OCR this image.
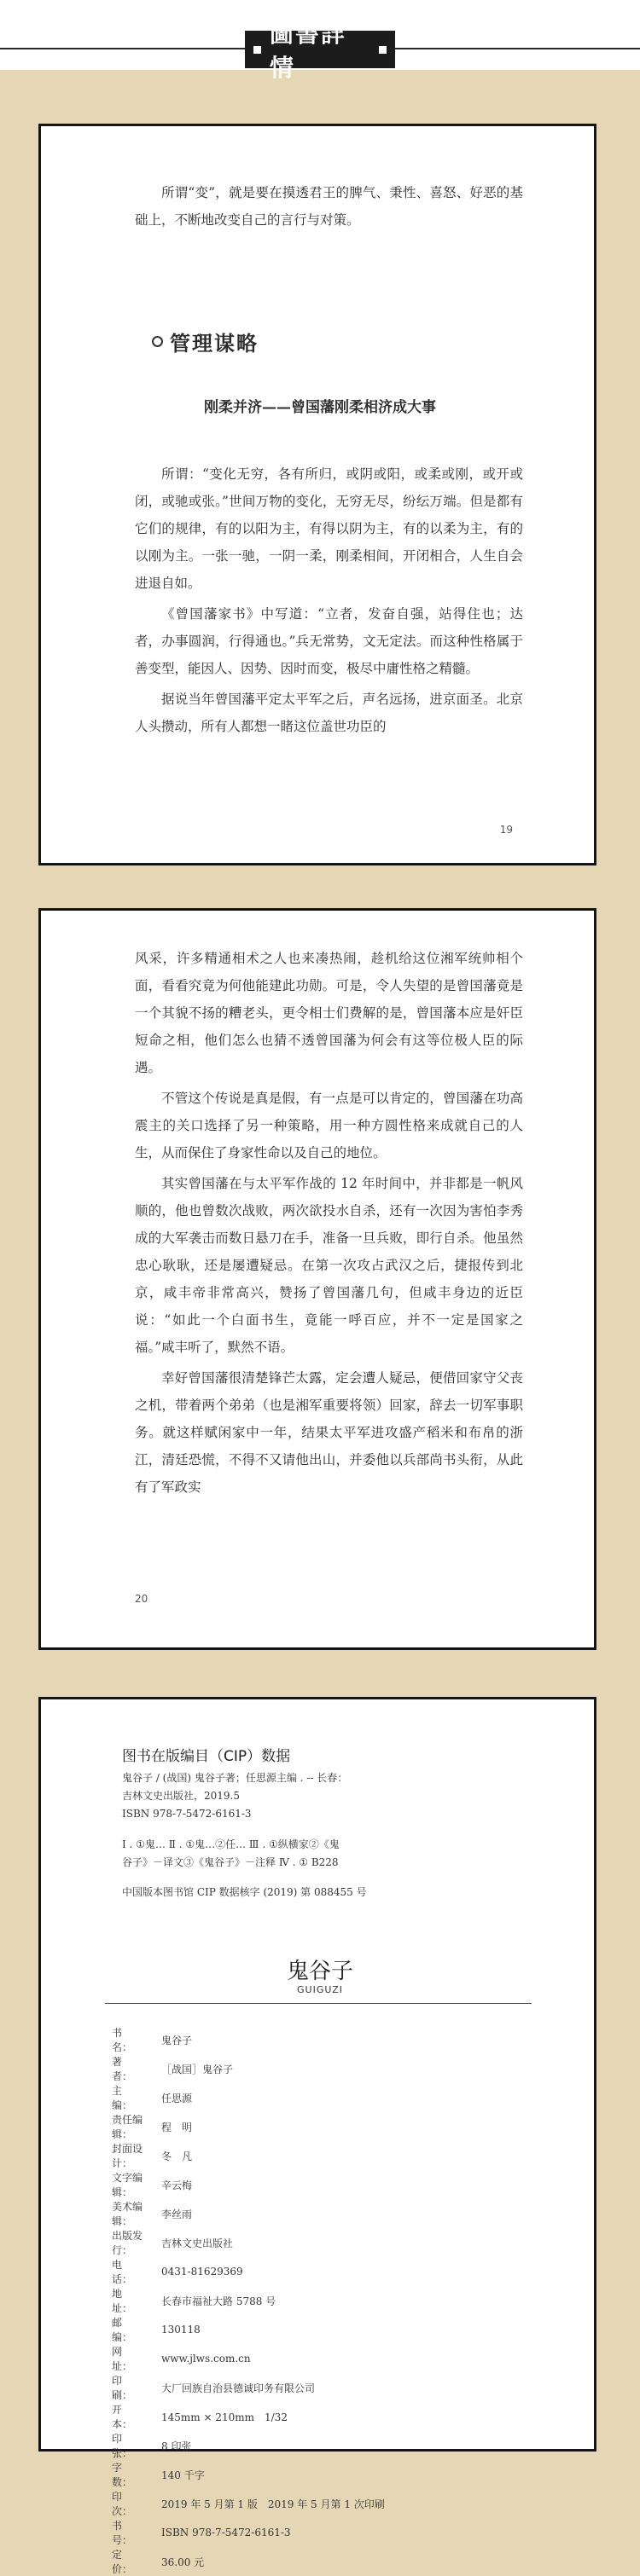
圖書詳情

所谓“变”，就是要在摸透君王的脾气、秉性、喜怒、好恶的基础上，不断地改变自己的言行与对策。

管理谋略
刚柔并济——曾国藩刚柔相济成大事

所谓：“变化无穷，各有所归，或阴或阳，或柔或刚，或开或闭，或驰或张。”世间万物的变化，无穷无尽，纷纭万端。但是都有它们的规律，有的以阳为主，有得以阴为主，有的以柔为主，有的以刚为主。一张一驰，一阴一柔，刚柔相间，开闭相合，人生自会进退自如。

《曾国藩家书》中写道：“立者，发奋自强，站得住也；达者，办事圆润，行得通也。”兵无常势，文无定法。而这种性格属于善变型，能因人、因势、因时而变，极尽中庸性格之精髓。

据说当年曾国藩平定太平军之后，声名远扬，进京面圣。北京人头攒动，所有人都想一睹这位盖世功臣的

19

风采，许多精通相术之人也来凑热闹，趁机给这位湘军统帅相个面，看看究竟为何他能建此功勋。可是，令人失望的是曾国藩竟是一个其貌不扬的糟老头，更令相士们费解的是，曾国藩本应是奸臣短命之相，他们怎么也猜不透曾国藩为何会有这等位极人臣的际遇。

不管这个传说是真是假，有一点是可以肯定的，曾国藩在功高震主的关口选择了另一种策略，用一种方圆性格来成就自己的人生，从而保住了身家性命以及自己的地位。

其实曾国藩在与太平军作战的 12 年时间中，并非都是一帆风顺的，他也曾数次战败，两次欲投水自杀，还有一次因为害怕李秀成的大军袭击而数日悬刀在手，准备一旦兵败，即行自杀。他虽然忠心耿耿，还是屡遭疑忌。在第一次攻占武汉之后，捷报传到北京，咸丰帝非常高兴，赞扬了曾国藩几句，但咸丰身边的近臣说：“如此一个白面书生，竟能一呼百应，并不一定是国家之福。”咸丰听了，默然不语。

幸好曾国藩很清楚锋芒太露，定会遭人疑忌，便借回家守父丧之机，带着两个弟弟（也是湘军重要将领）回家，辞去一切军事职务。就这样赋闲家中一年，结果太平军进攻盛产稻米和布帛的浙江，清廷恐慌，不得不又请他出山，并委他以兵部尚书头衔，从此有了军政实

20
图书在版编目（CIP）数据
鬼谷子 / (战国) 鬼谷子著；任思源主编 . -- 长春：
吉林文史出版社，2019.5
ISBN 978-7-5472-6161-3
Ⅰ . ①鬼… Ⅱ . ①鬼…②任… Ⅲ . ①纵横家②《鬼
谷子》－译文③《鬼谷子》－注释 Ⅳ . ① B228
中国版本图书馆 CIP 数据核字 (2019) 第 088455 号
鬼谷子
GUIGUZI
书　　名：	鬼谷子
著　　者：	［战国］鬼谷子
主　　编：	任思源
责任编辑：	程　明
封面设计：	冬　凡
文字编辑：	辛云梅
美术编辑：	李丝雨
出版发行：	吉林文史出版社
电　　话：	0431-81629369
地　　址：	长春市福祉大路 5788 号
邮　　编：	130118
网　　址：	www.jlws.com.cn
印　　刷：	大厂回族自治县德诚印务有限公司
开　　本：	145mm × 210mm　1/32
印　　张：	8 印张
字　　数：	140 千字
印　　次：	2019 年 5 月第 1 版　2019 年 5 月第 1 次印刷
书　　号：	ISBN 978-7-5472-6161-3
定　　价：	36.00 元
